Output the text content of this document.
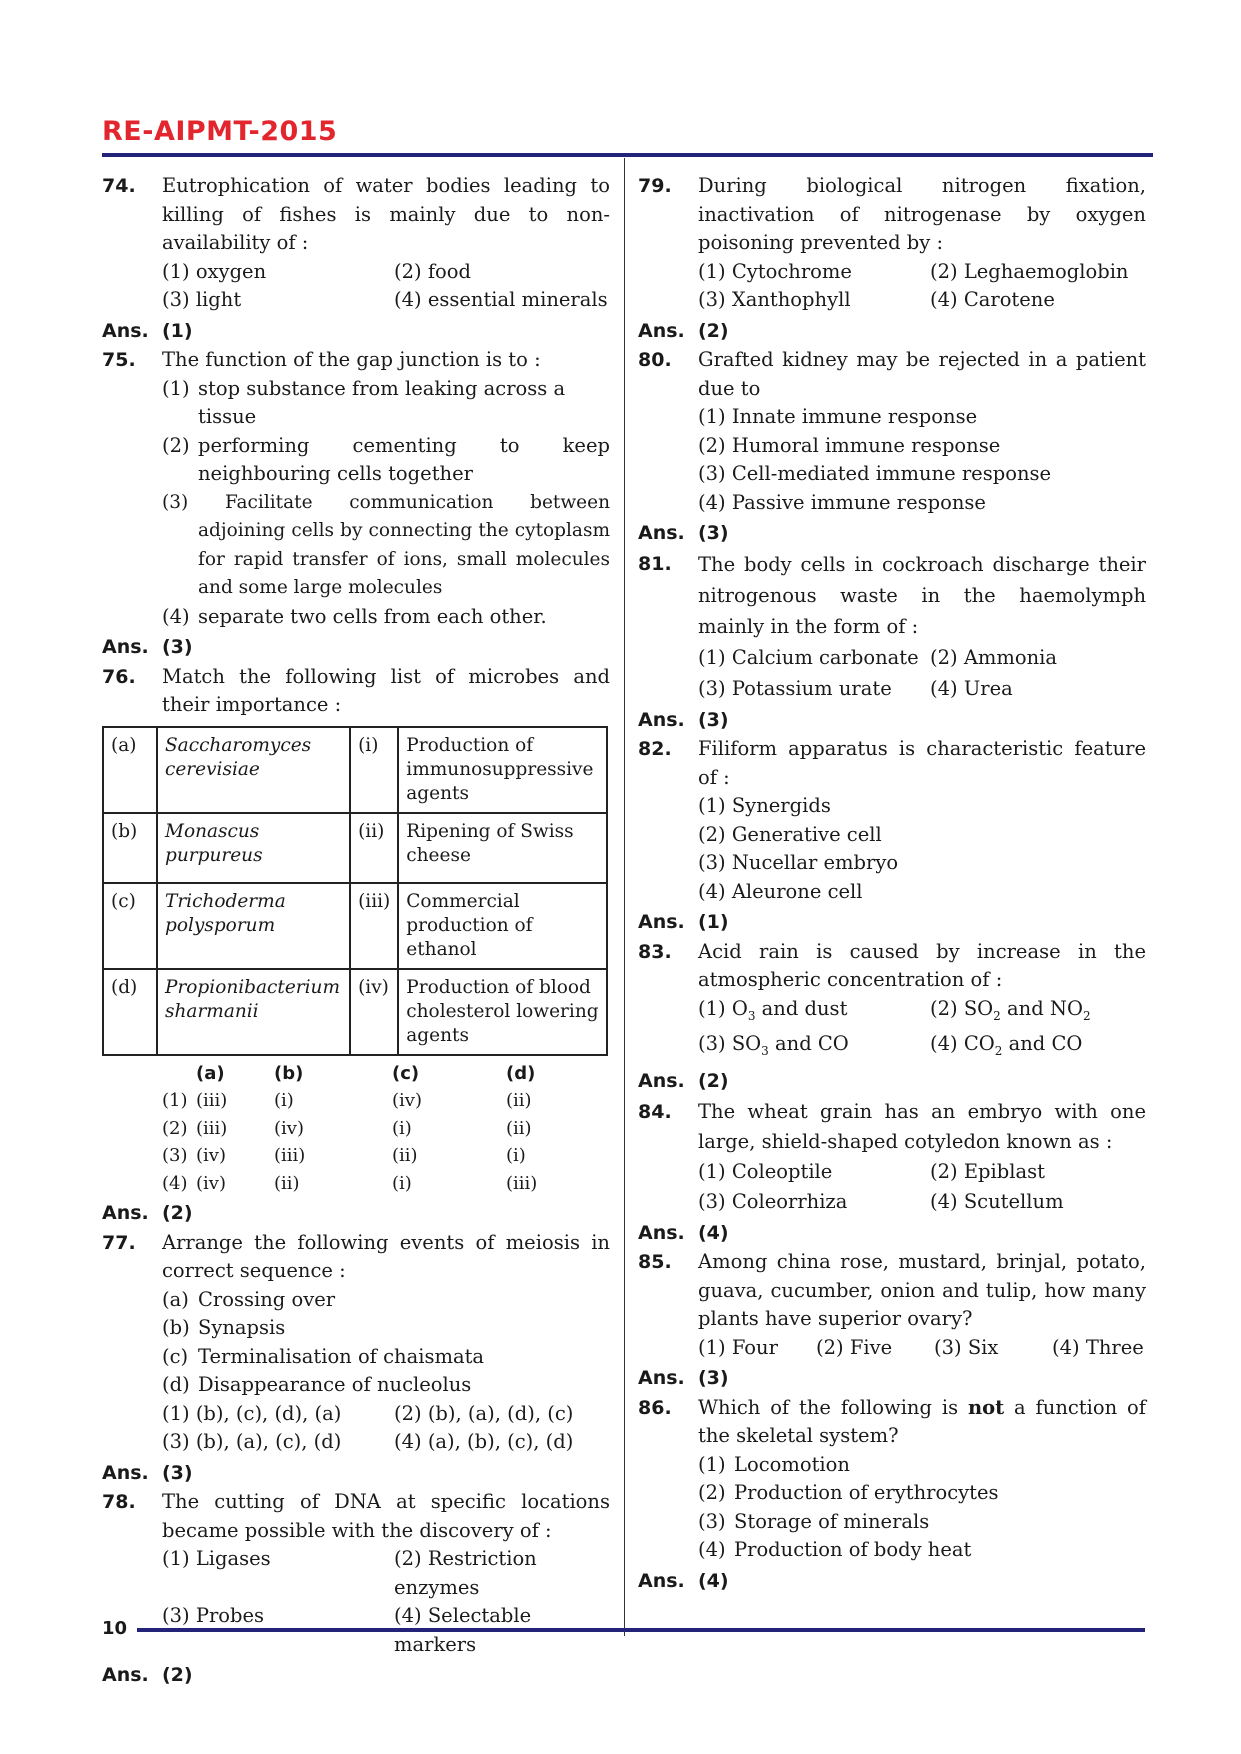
RE-AIPMT-2015
74.	Eutrophication of water bodies leading to killing of fishes is mainly due to non-availability of :
(1) oxygen	(2) food
(3) light	(4) essential minerals
Ans. (1)
75.	The function of the gap junction is to :
(1) stop substance from leaking across a tissue
(2) performing cementing to keep neighbouring cells together
(3) Facilitate communication between adjoining cells by connecting the cytoplasm for rapid transfer of ions, small molecules and some large molecules
(4) separate two cells from each other.
Ans. (3)
76.	Match the following list of microbes and their importance :
(a)	Saccharomyces cerevisiae	(i)	Production of immunosuppressive agents
(b)	Monascus purpureus	(ii)	Ripening of Swiss cheese
(c)	Trichoderma polysporum	(iii)	Commercial production of ethanol
(d)	Propionibacterium sharmanii	(iv)	Production of blood cholesterol lowering agents
(a)	(b)	(c)	(d)
(1) (iii)	(i)	(iv)	(ii)
(2) (iii)	(iv)	(i)	(ii)
(3) (iv)	(iii)	(ii)	(i)
(4) (iv)	(ii)	(i)	(iii)
Ans. (2)
77.	Arrange the following events of meiosis in correct sequence :
(a) Crossing over
(b) Synapsis
(c) Terminalisation of chaismata
(d) Disappearance of nucleolus
(1) (b), (c), (d), (a)	(2) (b), (a), (d), (c)
(3) (b), (a), (c), (d)	(4) (a), (b), (c), (d)
Ans. (3)
78.	The cutting of DNA at specific locations became possible with the discovery of :
(1) Ligases	(2) Restriction enzymes
(3) Probes	(4) Selectable markers
Ans. (2)
79.	During biological nitrogen fixation, inactivation of nitrogenase by oxygen poisoning prevented by :
(1) Cytochrome	(2) Leghaemoglobin
(3) Xanthophyll	(4) Carotene
Ans. (2)
80.	Grafted kidney may be rejected in a patient due to
(1) Innate immune response
(2) Humoral immune response
(3) Cell-mediated immune response
(4) Passive immune response
Ans. (3)
81.	The body cells in cockroach discharge their nitrogenous waste in the haemolymph mainly in the form of :
(1) Calcium carbonate (2) Ammonia
(3) Potassium urate	(4) Urea
Ans. (3)
82.	Filiform apparatus is characteristic feature of :
(1) Synergids
(2) Generative cell
(3) Nucellar embryo
(4) Aleurone cell
Ans. (1)
83.	Acid rain is caused by increase in the atmospheric concentration of :
(1) $O_3$ and dust	(2) $SO_2$ and $NO_2$
(3) $SO_3$ and CO	(4) $CO_2$ and CO
Ans. (2)
84.	The wheat grain has an embryo with one large, shield-shaped cotyledon known as :
(1) Coleoptile	(2) Epiblast
(3) Coleorrhiza	(4) Scutellum
Ans. (4)
85.	Among china rose, mustard, brinjal, potato, guava, cucumber, onion and tulip, how many plants have superior ovary?
(1) Four	(2) Five	(3) Six	(4) Three
Ans. (3)
86.	Which of the following is not a function of the skeletal system?
(1) Locomotion
(2) Production of erythrocytes
(3) Storage of minerals
(4) Production of body heat
Ans. (4)
10
